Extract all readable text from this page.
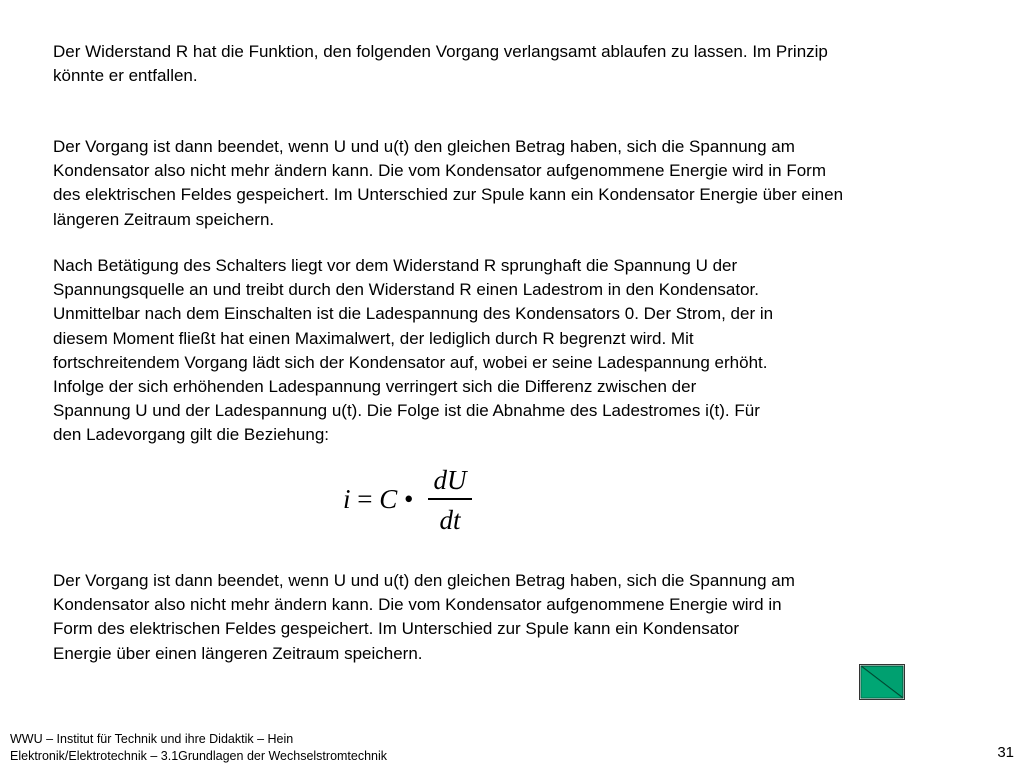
Der Widerstand R hat die Funktion, den folgenden Vorgang verlangsamt ablaufen zu lassen. Im Prinzip
könnte er entfallen.
Der Vorgang ist dann beendet, wenn U und u(t) den gleichen Betrag haben, sich die Spannung am
Kondensator also nicht mehr ändern kann. Die vom Kondensator aufgenommene Energie wird in Form
des elektrischen Feldes gespeichert. Im Unterschied zur Spule kann ein Kondensator Energie über einen
längeren Zeitraum speichern.
Nach Betätigung des Schalters liegt vor dem Widerstand R sprunghaft die Spannung U der
Spannungsquelle an und treibt durch den Widerstand R einen Ladestrom in den Kondensator.
Unmittelbar nach dem Einschalten ist die Ladespannung des Kondensators 0. Der Strom, der in
diesem Moment fließt hat einen Maximalwert, der lediglich durch R begrenzt wird. Mit
fortschreitendem Vorgang lädt sich der Kondensator auf, wobei er seine Ladespannung erhöht.
Infolge der sich erhöhenden Ladespannung verringert sich die Differenz zwischen der
Spannung U und der Ladespannung u(t). Die Folge ist die Abnahme des Ladestromes i(t). Für
den Ladevorgang gilt die Beziehung:
i = C •
dU
dt
Der Vorgang ist dann beendet, wenn U und u(t) den gleichen Betrag haben, sich die Spannung am
Kondensator also nicht mehr ändern kann. Die vom Kondensator aufgenommene Energie wird in
Form des elektrischen Feldes gespeichert. Im Unterschied zur Spule kann ein Kondensator
Energie über einen längeren Zeitraum speichern.
WWU – Institut für Technik und ihre Didaktik – Hein
Elektronik/Elektrotechnik – 3.1Grundlagen der Wechselstromtechnik	31
